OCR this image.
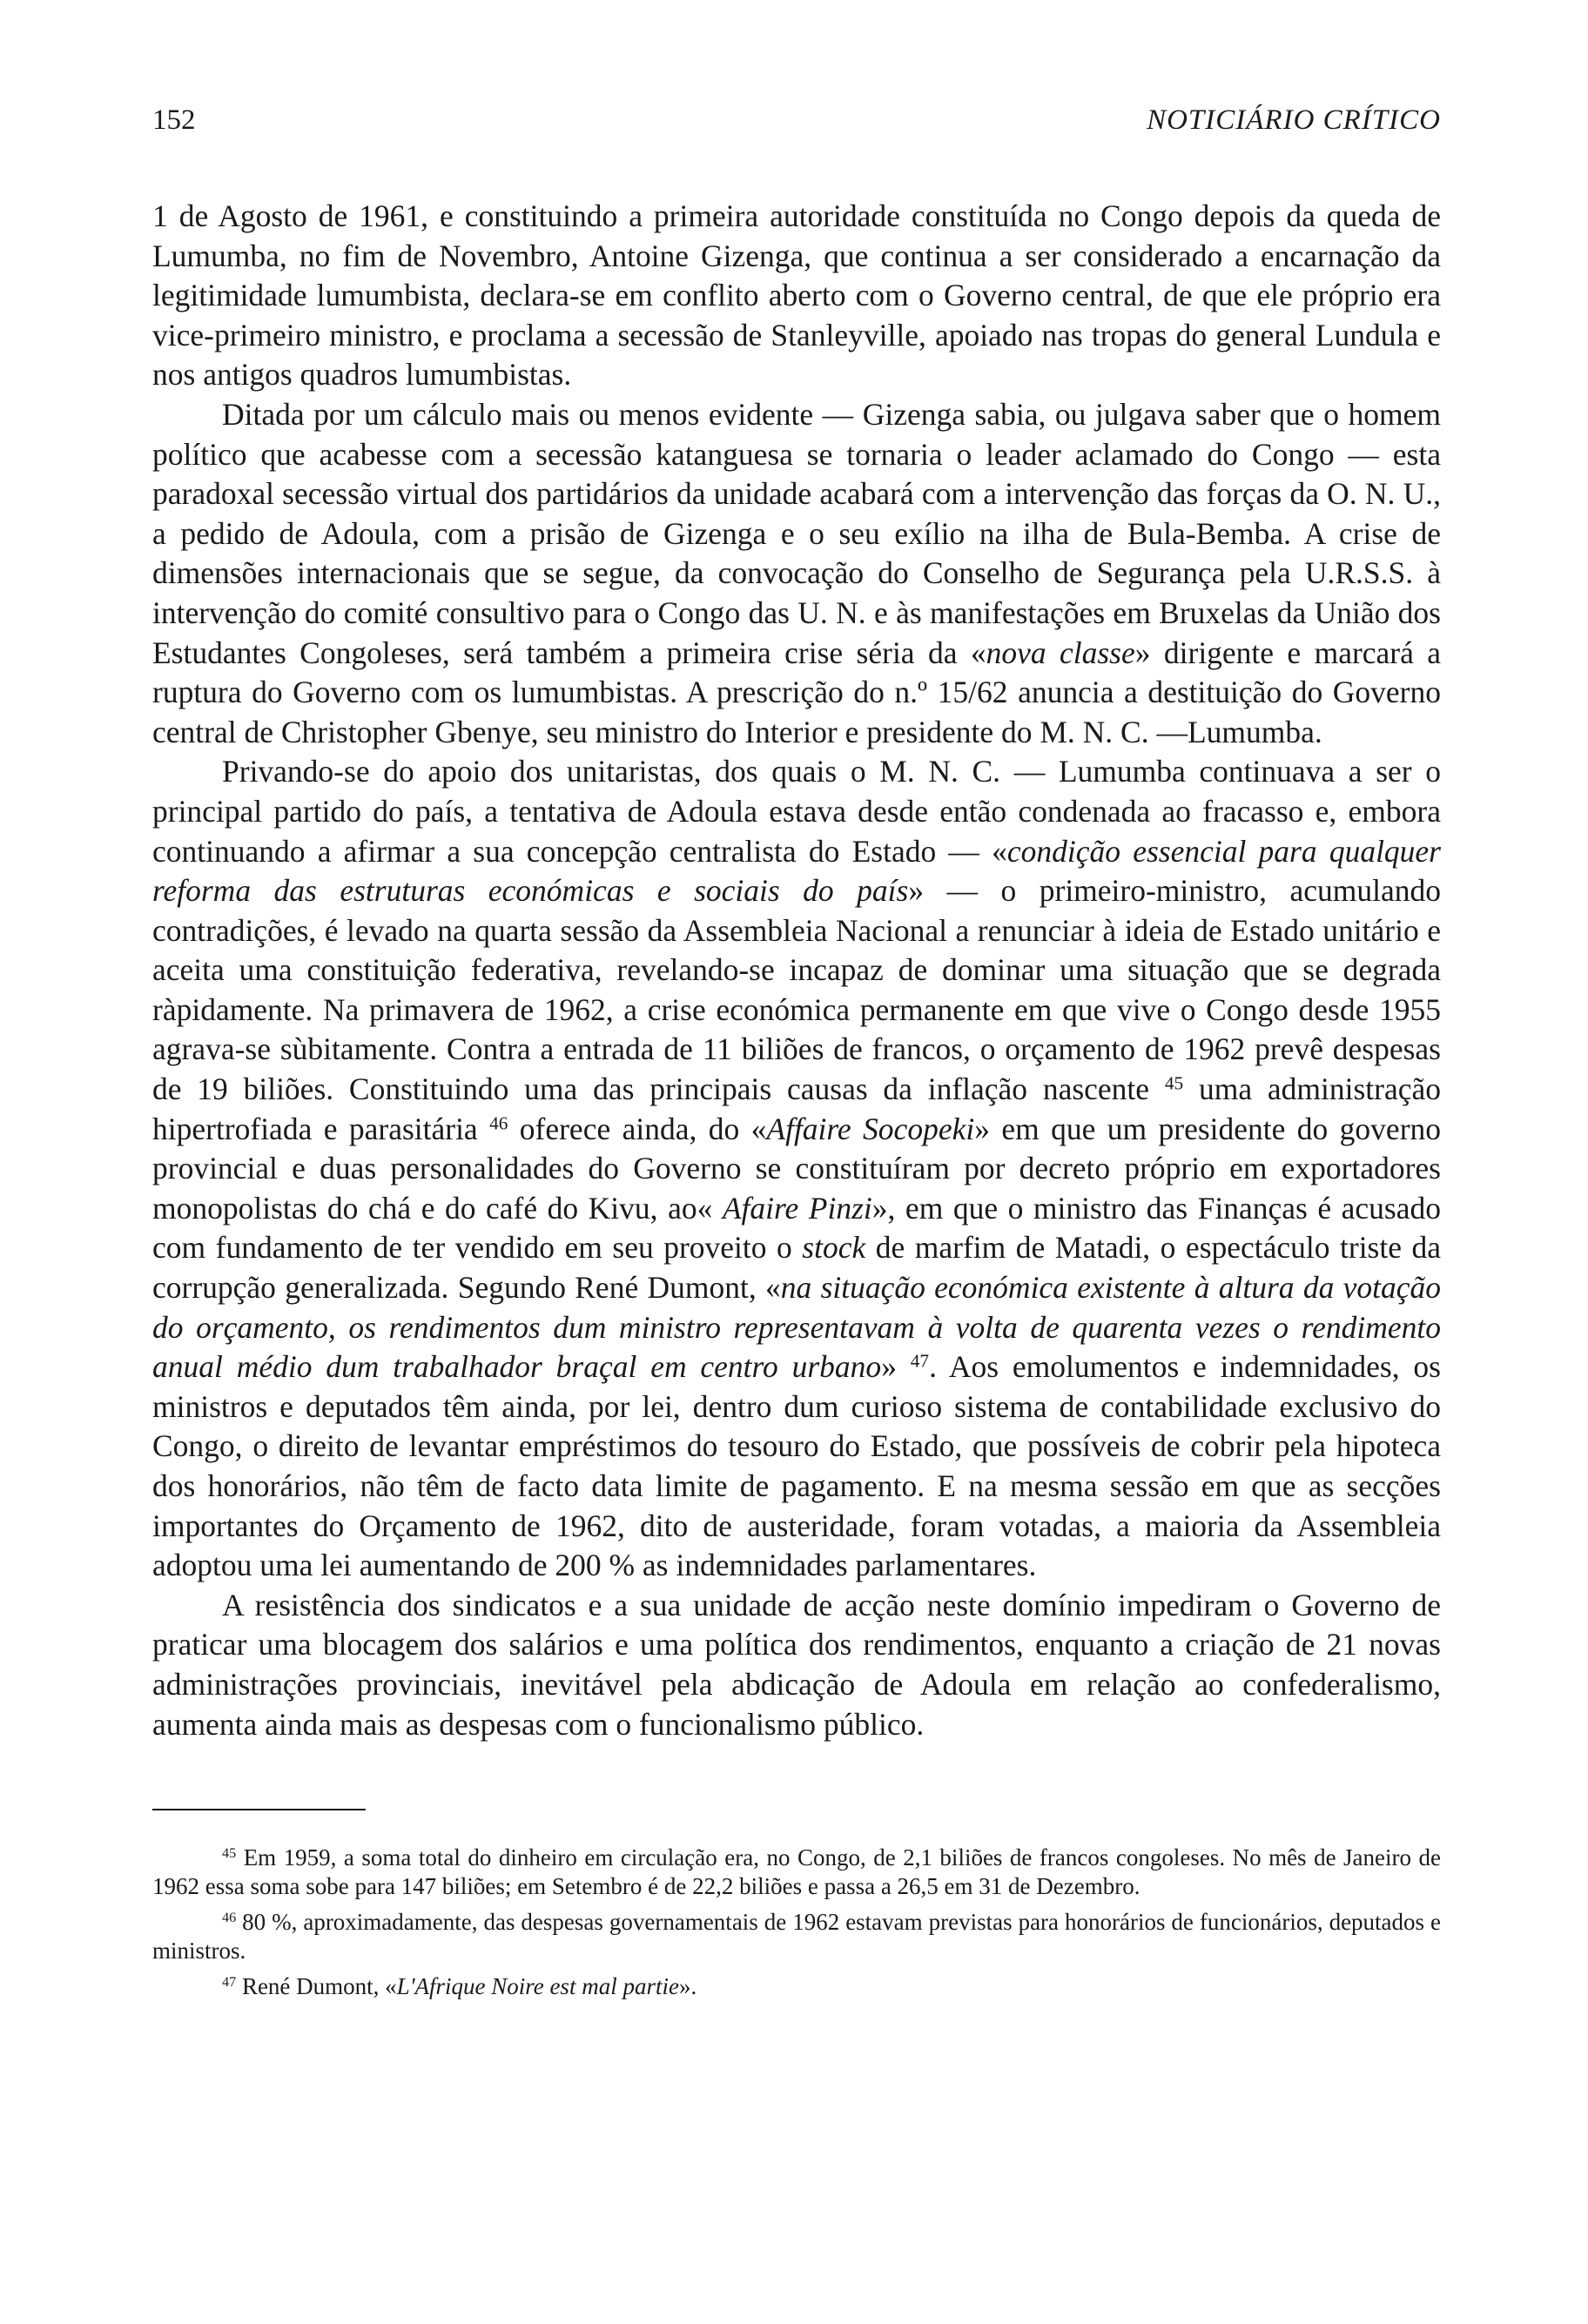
152	NOTICIÁRIO CRÍTICO

1 de Agosto de 1961, e constituindo a primeira autoridade constituída no Congo depois da queda de Lumumba, no fim de Novembro, Antoine Gizenga, que continua a ser considerado a encarnação da legitimidade lumumbista, declara-se em conflito aberto com o Governo central, de que ele próprio era vice-primeiro ministro, e proclama a secessão de Stanleyville, apoiado nas tropas do general Lundula e nos antigos quadros lumumbistas.

Ditada por um cálculo mais ou menos evidente — Gizenga sabia, ou julgava saber que o homem político que acabesse com a secessão katanguesa se tornaria o leader aclamado do Congo — esta paradoxal secessão virtual dos partidários da unidade acabará com a intervenção das forças da O. N. U., a pedido de Adoula, com a prisão de Gizenga e o seu exílio na ilha de Bula-Bemba. A crise de dimensões internacionais que se segue, da convocação do Conselho de Segurança pela U.R.S.S. à intervenção do comité consultivo para o Congo das U. N. e às manifestações em Bruxelas da União dos Estudantes Congoleses, será também a primeira crise séria da «nova classe» dirigente e marcará a ruptura do Governo com os lumumbistas. A prescrição do n.º 15/62 anuncia a destituição do Governo central de Christopher Gbenye, seu ministro do Interior e presidente do M. N. C. —Lumumba.

Privando-se do apoio dos unitaristas, dos quais o M. N. C. — Lumumba continuava a ser o principal partido do país, a tentativa de Adoula estava desde então condenada ao fracasso e, embora continuando a afirmar a sua concepção centralista do Estado — «condição essencial para qualquer reforma das estruturas económicas e sociais do país» — o primeiro-ministro, acumulando contradições, é levado na quarta sessão da Assembleia Nacional a renunciar à ideia de Estado unitário e aceita uma constituição federativa, revelando-se incapaz de dominar uma situação que se degrada ràpidamente. Na primavera de 1962, a crise económica permanente em que vive o Congo desde 1955 agrava-se sùbitamente. Contra a entrada de 11 biliões de francos, o orçamento de 1962 prevê despesas de 19 biliões. Constituindo uma das principais causas da inflação nascente $^{45}$ uma administração hipertrofiada e parasitária $^{46}$ oferece ainda, do «Affaire Socopeki» em que um presidente do governo provincial e duas personalidades do Governo se constituíram por decreto próprio em exportadores monopolistas do chá e do café do Kivu, ao« Afaire Pinzi», em que o ministro das Finanças é acusado com fundamento de ter vendido em seu proveito o stock de marfim de Matadi, o espectáculo triste da corrupção generalizada. Segundo René Dumont, «na situação económica existente à altura da votação do orçamento, os rendimentos dum ministro representavam à volta de quarenta vezes o rendimento anual médio dum trabalhador braçal em centro urbano» $^{47}$. Aos emolumentos e indemnidades, os ministros e deputados têm ainda, por lei, dentro dum curioso sistema de contabilidade exclusivo do Congo, o direito de levantar empréstimos do tesouro do Estado, que possíveis de cobrir pela hipoteca dos honorários, não têm de facto data limite de pagamento. E na mesma sessão em que as secções importantes do Orçamento de 1962, dito de austeridade, foram votadas, a maioria da Assembleia adoptou uma lei aumentando de 200 % as indemnidades parlamentares.

A resistência dos sindicatos e a sua unidade de acção neste domínio impediram o Governo de praticar uma blocagem dos salários e uma política dos rendimentos, enquanto a criação de 21 novas administrações provinciais, inevitável pela abdicação de Adoula em relação ao confederalismo, aumenta ainda mais as despesas com o funcionalismo público.

$^{45}$ Em 1959, a soma total do dinheiro em circulação era, no Congo, de 2,1 biliões de francos congoleses. No mês de Janeiro de 1962 essa soma sobe para 147 biliões; em Setembro é de 22,2 biliões e passa a 26,5 em 31 de Dezembro.

$^{46}$ 80 %, aproximadamente, das despesas governamentais de 1962 estavam previstas para honorários de funcionários, deputados e ministros.

$^{47}$ René Dumont, «L'Afrique Noire est mal partie».
